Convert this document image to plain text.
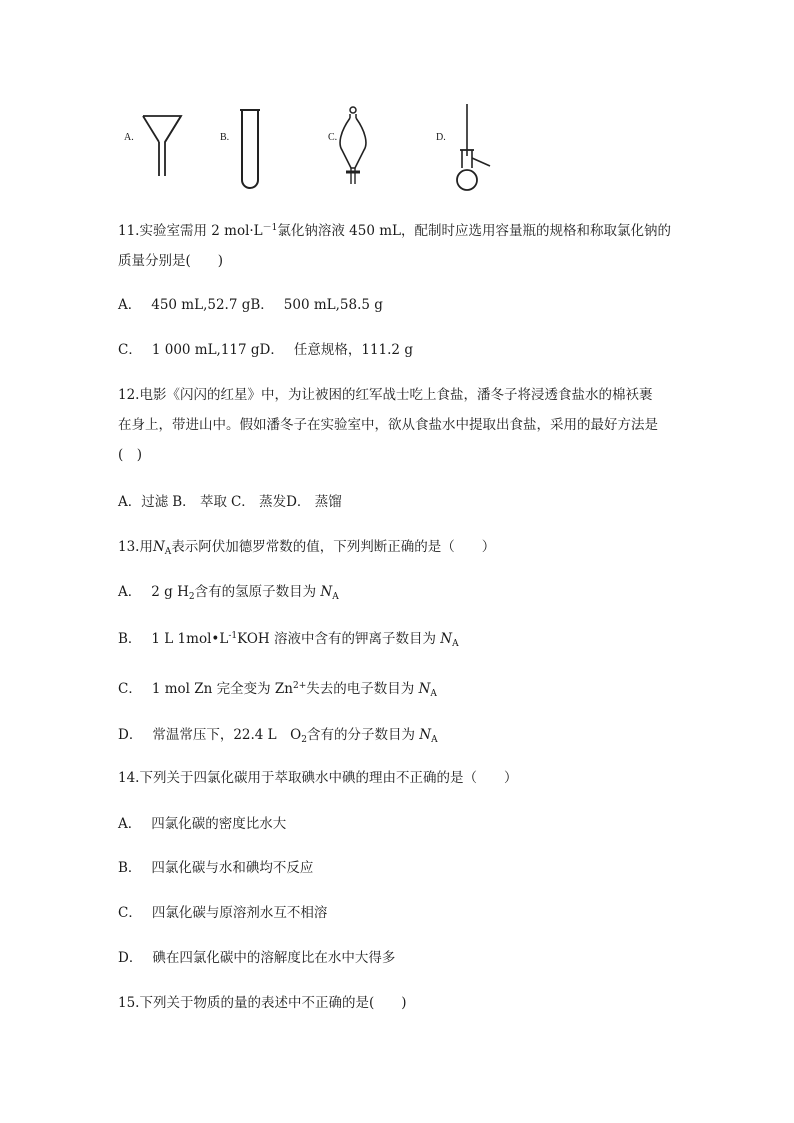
A.	B.	C.	D.
11.实验室需用 2 $mol\cdot L^{-1}$氯化钠溶液 450 mL，配制时应选用容量瓶的规格和称取氯化钠的
质量分别是(　　)
A． 450 mL,52.7 gB． 500 mL,58.5 g
C． 1 000 mL,117 gD． 任意规格，111.2 g
12.电影《闪闪的红星》中，为让被困的红军战士吃上食盐，潘冬子将浸透食盐水的棉袄裹
在身上，带进山中。假如潘冬子在实验室中，欲从食盐水中提取出食盐，采用的最好方法是
(　)
A．过滤 B． 萃取 C． 蒸发D． 蒸馏
13.用$N_A$表示阿伏加德罗常数的值，下列判断正确的是（　　）
A． 2 g $H_2$含有的氢原子数目为 $N_A$
B． 1 L $1mol•L^{-1}KOH$ 溶液中含有的钾离子数目为 $N_A$
C． 1 mol Zn 完全变为 $Zn^{2+}$失去的电子数目为 $N_A$
D． 常温常压下，22.4 L　$O_2$含有的分子数目为 $N_A$
14.下列关于四氯化碳用于萃取碘水中碘的理由不正确的是（　　）
A． 四氯化碳的密度比水大
B． 四氯化碳与水和碘均不反应
C． 四氯化碳与原溶剂水互不相溶
D． 碘在四氯化碳中的溶解度比在水中大得多
15.下列关于物质的量的表述中不正确的是(　　)
